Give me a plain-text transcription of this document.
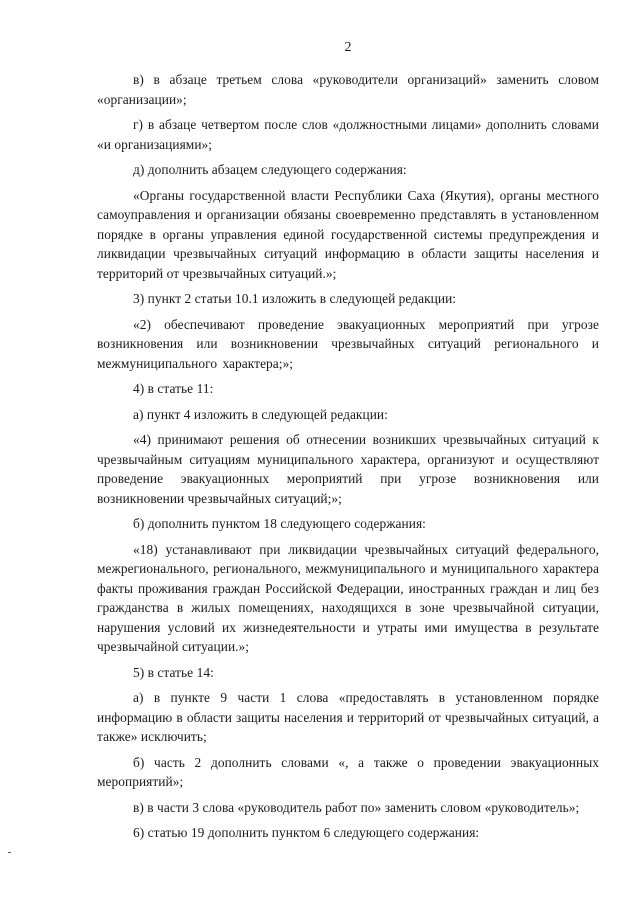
2

в) в абзаце третьем слова «руководители организаций» заменить словом «организации»;

г) в абзаце четвертом после слов «должностными лицами» дополнить словами «и организациями»;

д) дополнить абзацем следующего содержания:

«Органы государственной власти Республики Саха (Якутия), органы местного самоуправления и организации обязаны своевременно представлять в установленном порядке в органы управления единой государственной системы предупреждения и ликвидации чрезвычайных ситуаций информацию в области защиты населения и территорий от чрезвычайных ситуаций.»;

3) пункт 2 статьи 10.1 изложить в следующей редакции:

«2) обеспечивают проведение эвакуационных мероприятий при угрозе возникновения или возникновении чрезвычайных ситуаций регионального и межмуниципального характера;»;

4) в статье 11:

а) пункт 4 изложить в следующей редакции:

«4) принимают решения об отнесении возникших чрезвычайных ситуаций к чрезвычайным ситуациям муниципального характера, организуют и осуществляют проведение эвакуационных мероприятий при угрозе возникновения или возникновении чрезвычайных ситуаций;»;

б) дополнить пунктом 18 следующего содержания:

«18) устанавливают при ликвидации чрезвычайных ситуаций федерального, межрегионального, регионального, межмуниципального и муниципального характера факты проживания граждан Российской Федерации, иностранных граждан и лиц без гражданства в жилых помещениях, находящихся в зоне чрезвычайной ситуации, нарушения условий их жизнедеятельности и утраты ими имущества в результате чрезвычайной ситуации.»;

5) в статье 14:

а) в пункте 9 части 1 слова «предоставлять в установленном порядке информацию в области защиты населения и территорий от чрезвычайных ситуаций, а также» исключить;

б) часть 2 дополнить словами «, а также о проведении эвакуационных мероприятий»;

в) в части 3 слова «руководитель работ по» заменить словом «руководитель»;

6) статью 19 дополнить пунктом 6 следующего содержания:
